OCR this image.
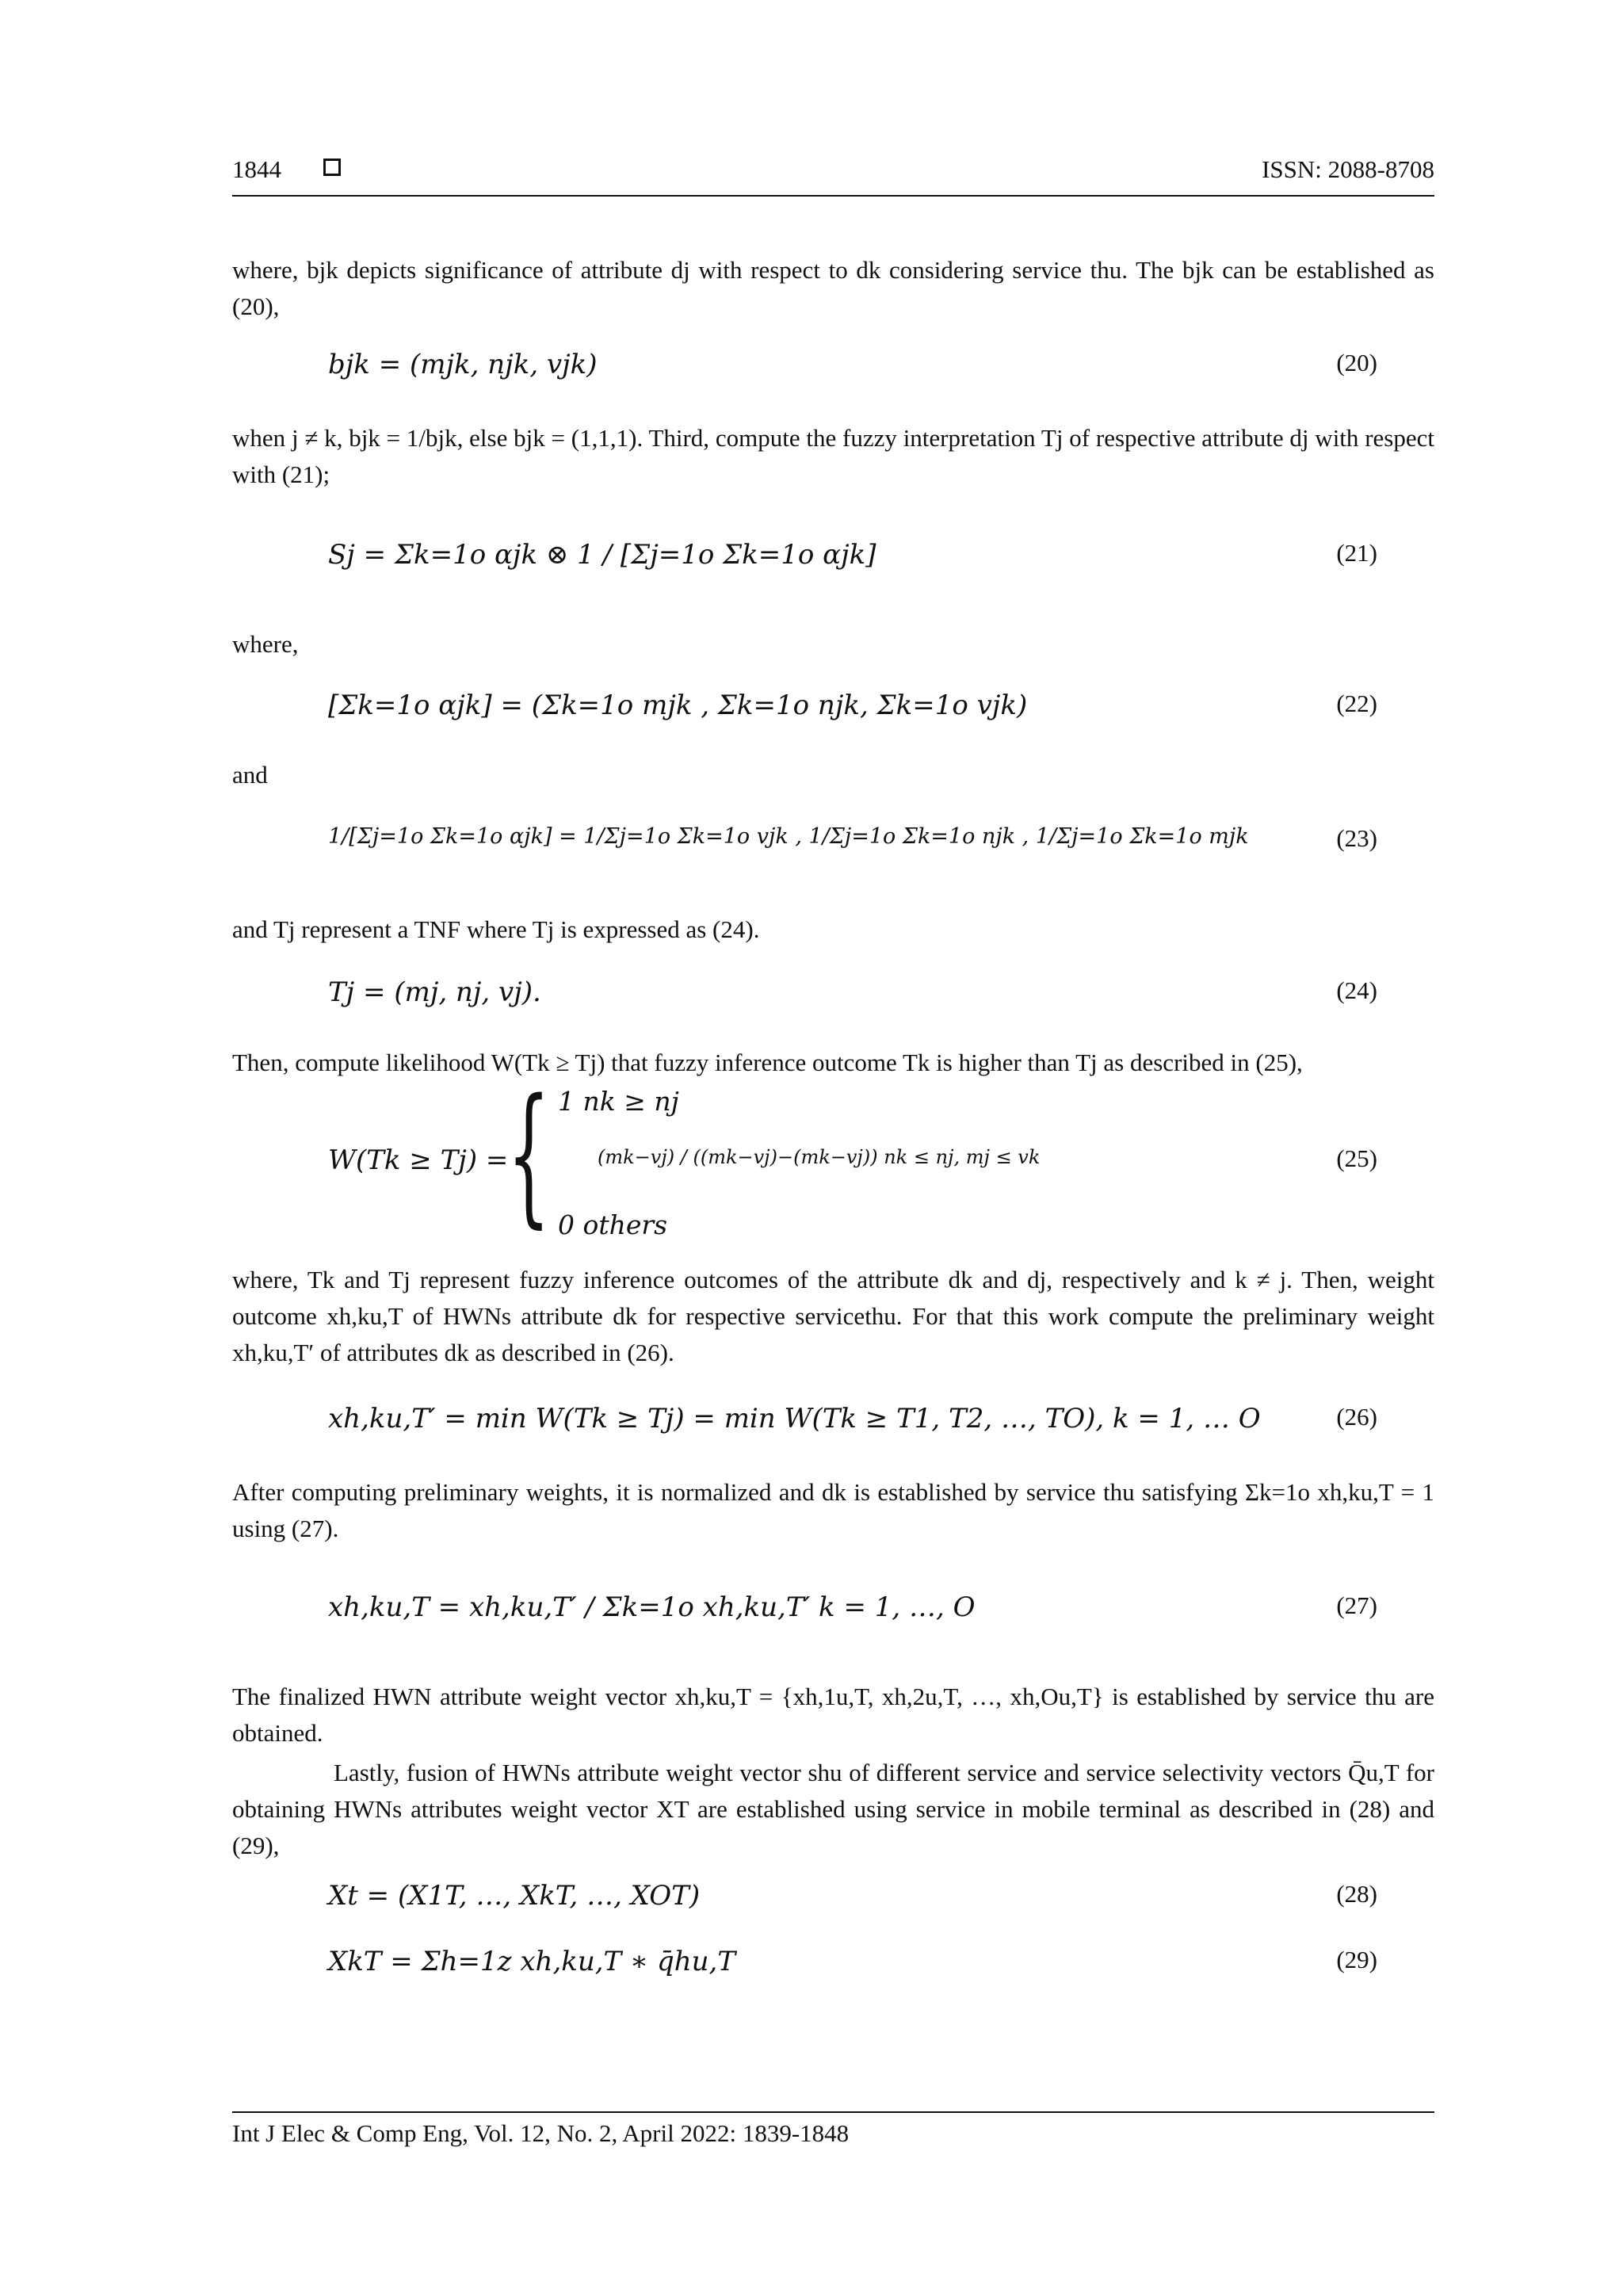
1844	ISSN: 2088-8708
where, bjk depicts significance of attribute dj with respect to dk considering service thu. The bjk can be established as (20),
bjk = (mjk, njk, vjk)	(20)
when j ≠ k, bjk = 1/bjk, else bjk = (1,1,1). Third, compute the fuzzy interpretation Tj of respective attribute dj with respect with (21);
Sj = Σk=1o αjk ⊗ 1 / [Σj=1o Σk=1o αjk]	(21)
where,
[Σk=1o αjk] = (Σk=1o mjk , Σk=1o njk, Σk=1o vjk)	(22)
and
1/[Σj=1o Σk=1o αjk] = 1/Σj=1o Σk=1o vjk , 1/Σj=1o Σk=1o njk , 1/Σj=1o Σk=1o mjk	(23)
and Tj represent a TNF where Tj is expressed as (24).
Tj = (mj, nj, vj).	(24)
Then, compute likelihood W(Tk ≥ Tj) that fuzzy inference outcome Tk is higher than Tj as described in (25),
W(Tk ≥ Tj) =
{ 1 nk ≥ nj
(mk−vj) / ((mk−vj)−(mk−vj)) nk ≤ nj, mj ≤ vk
0 others
(25)
where, Tk and Tj represent fuzzy inference outcomes of the attribute dk and dj, respectively and k ≠ j. Then, weight outcome xh,ku,T of HWNs attribute dk for respective servicethu. For that this work compute the preliminary weight xh,ku,T′ of attributes dk as described in (26).
xh,ku,T′ = min W(Tk ≥ Tj) = min W(Tk ≥ T1, T2, …, TO), k = 1, … O	(26)
After computing preliminary weights, it is normalized and dk is established by service thu satisfying Σk=1o xh,ku,T = 1 using (27).
xh,ku,T = xh,ku,T′ / Σk=1o xh,ku,T′ k = 1, …, O	(27)
The finalized HWN attribute weight vector xh,ku,T = {xh,1u,T, xh,2u,T, …, xh,Ou,T} is established by service thu are obtained.
Lastly, fusion of HWNs attribute weight vector shu of different service and service selectivity vectors Q̄u,T for obtaining HWNs attributes weight vector XT are established using service in mobile terminal as described in (28) and (29),
Xt = (X1T, …, XkT, …, XOT)	(28)
XkT = Σh=1z xh,ku,T ∗ q̄hu,T	(29)
Int J Elec & Comp Eng, Vol. 12, No. 2, April 2022: 1839-1848
